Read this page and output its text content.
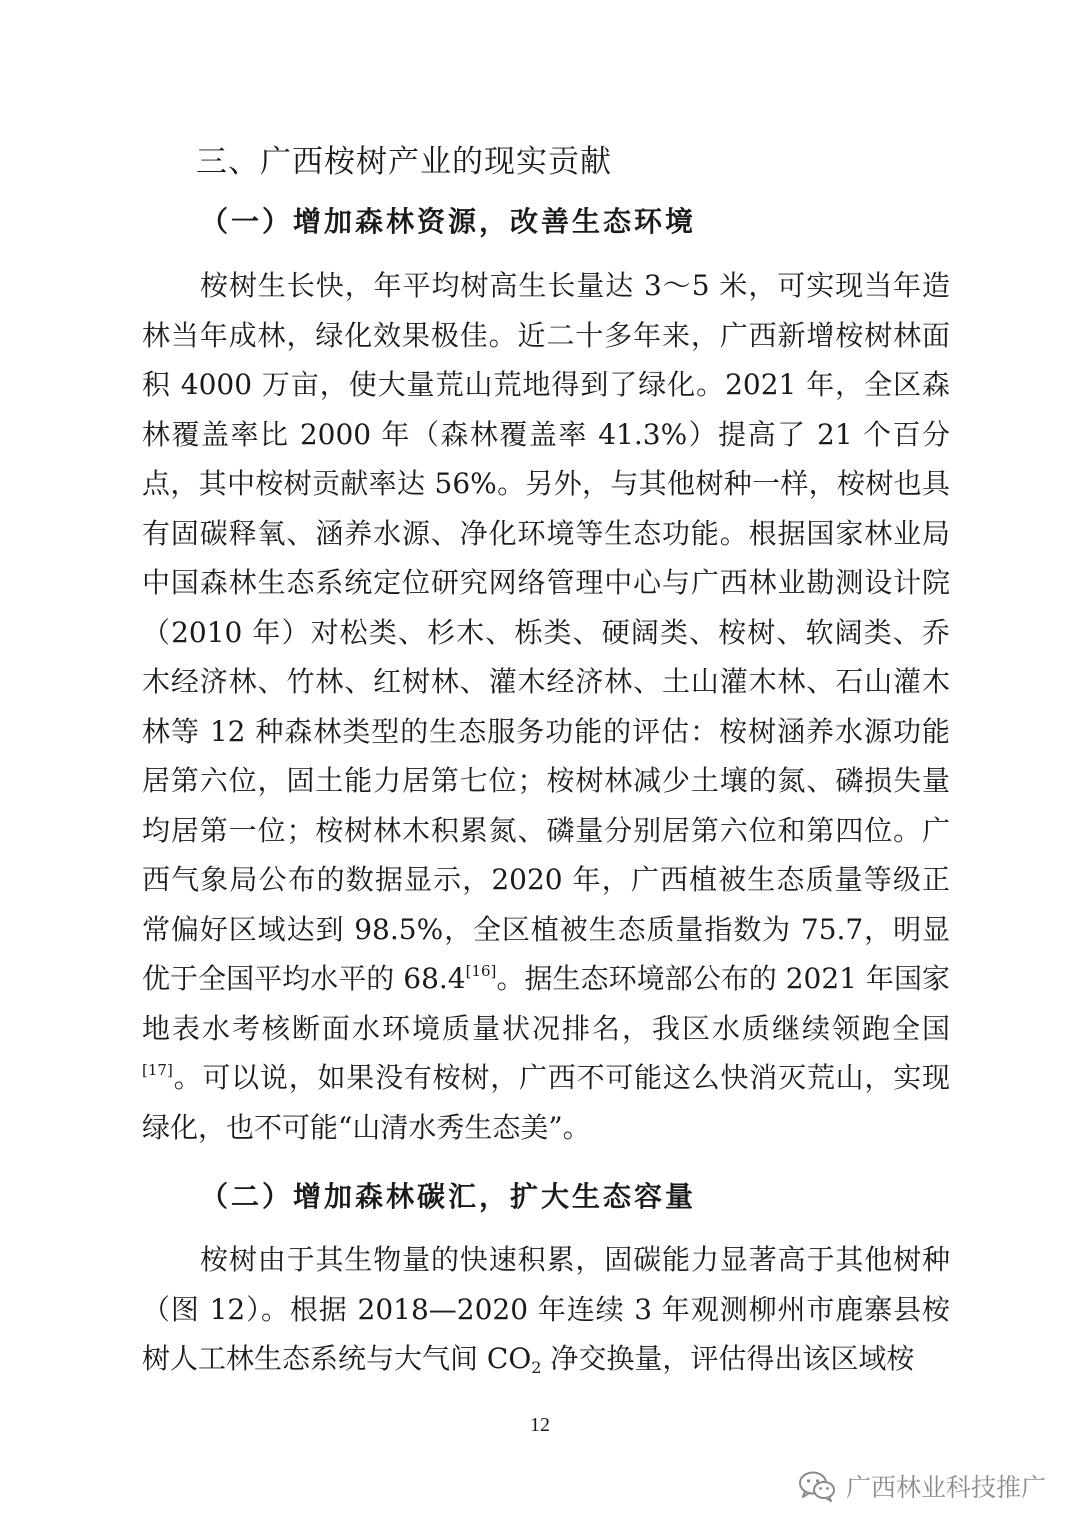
三、广西桉树产业的现实贡献
（一）增加森林资源，改善生态环境
桉树生长快，年平均树高生长量达 3～5 米，可实现当年造林当年成林，绿化效果极佳。近二十多年来，广西新增桉树林面积 4000 万亩，使大量荒山荒地得到了绿化。2021 年，全区森林覆盖率比 2000 年（森林覆盖率 41.3%）提高了 21 个百分点，其中桉树贡献率达 56%。另外，与其他树种一样，桉树也具有固碳释氧、涵养水源、净化环境等生态功能。根据国家林业局中国森林生态系统定位研究网络管理中心与广西林业勘测设计院（2010 年）对松类、杉木、栎类、硬阔类、桉树、软阔类、乔木经济林、竹林、红树林、灌木经济林、土山灌木林、石山灌木林等 12 种森林类型的生态服务功能的评估：桉树涵养水源功能居第六位，固土能力居第七位；桉树林减少土壤的氮、磷损失量均居第一位；桉树林木积累氮、磷量分别居第六位和第四位。广西气象局公布的数据显示，2020 年，广西植被生态质量等级正常偏好区域达到 98.5%，全区植被生态质量指数为 75.7，明显优于全国平均水平的 68.4[16]。据生态环境部公布的 2021 年国家地表水考核断面水环境质量状况排名，我区水质继续领跑全国[17]。可以说，如果没有桉树，广西不可能这么快消灭荒山，实现绿化，也不可能“山清水秀生态美”。
（二）增加森林碳汇，扩大生态容量
桉树由于其生物量的快速积累，固碳能力显著高于其他树种（图 12）。根据 2018—2020 年连续 3 年观测柳州市鹿寨县桉树人工林生态系统与大气间 $CO_2$ 净交换量，评估得出该区域桉
12
广西林业科技推广
